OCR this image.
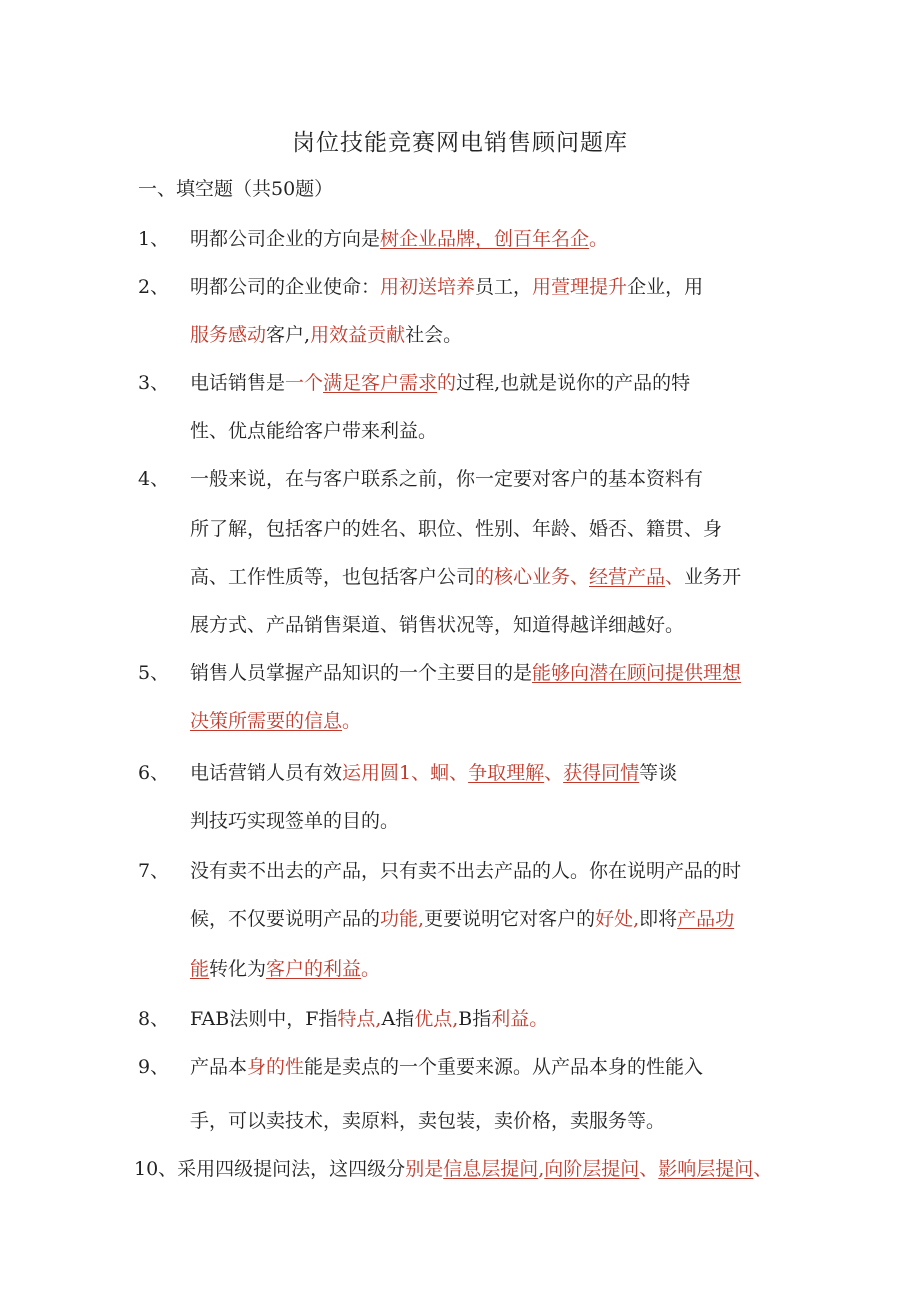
岗位技能竞赛网电销售顾问题库
一、填空题（共50题）
1、 明都公司企业的方向是树企业品牌，创百年名企。
2、 明都公司的企业使命：用初送培养员工，用萱理提升企业，用
服务感动客户,用效益贡献社会。
3、 电话销售是一个满足客户需求的过程,也就是说你的产品的特
性、优点能给客户带来利益。
4、 一般来说，在与客户联系之前，你一定要对客户的基本资料有
所了解，包括客户的姓名、职位、性别、年龄、婚否、籍贯、身
高、工作性质等，也包括客户公司的核心业务、经营产品、业务开
展方式、产品销售渠道、销售状况等，知道得越详细越好。
5、 销售人员掌握产品知识的一个主要目的是能够向潜在顾问提供理想
决策所需要的信息。
6、 电话营销人员有效运用圆1、蛔、争取理解、获得同情等谈
判技巧实现签单的目的。
7、 没有卖不出去的产品，只有卖不出去产品的人。你在说明产品的时
候，不仅要说明产品的功能,更要说明它对客户的好处,即将产品功
能转化为客户的利益。
8、 FAB法则中，F指特点,A指优点,B指利益。
9、 产品本身的性能是卖点的一个重要来源。从产品本身的性能入
手，可以卖技术，卖原料，卖包装，卖价格，卖服务等。
10、采用四级提问法，这四级分别是信息层提问,向阶层提问、影响层提问、
